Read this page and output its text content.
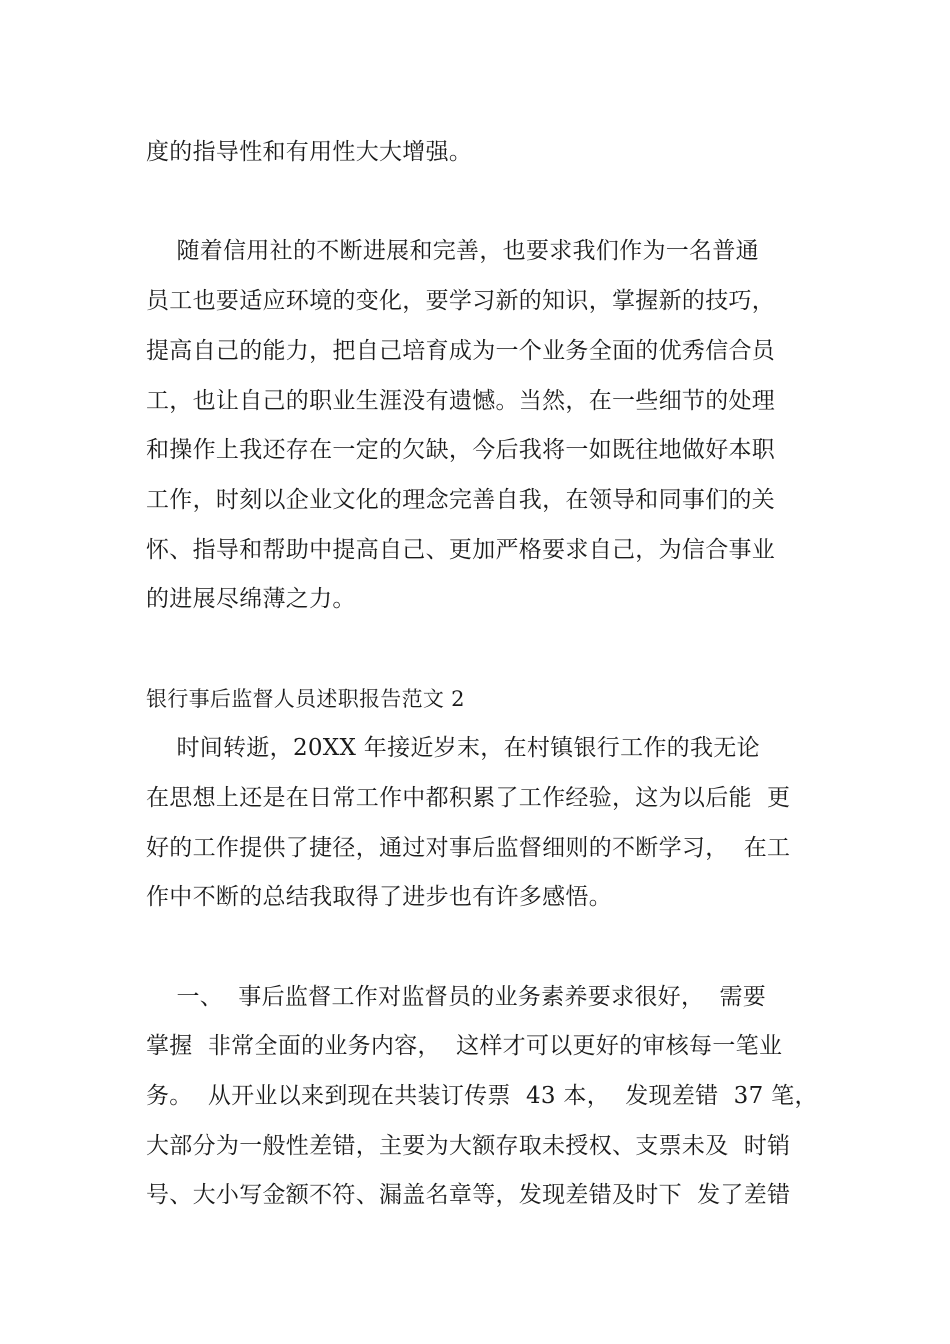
度的指导性和有用性大大增强。
随着信用社的不断进展和完善，也要求我们作为一名普通
员工也要适应环境的变化，要学习新的知识，掌握新的技巧，
提高自己的能力，把自己培育成为一个业务全面的优秀信合员
工，也让自己的职业生涯没有遗憾。当然，在一些细节的处理
和操作上我还存在一定的欠缺，今后我将一如既往地做好本职
工作，时刻以企业文化的理念完善自我，在领导和同事们的关
怀、指导和帮助中提高自己、更加严格要求自己，为信合事业
的进展尽绵薄之力。
银行事后监督人员述职报告范文 2
时间转逝，20XX 年接近岁末，在村镇银行工作的我无论
在思想上还是在日常工作中都积累了工作经验，这为以后能  更
好的工作提供了捷径，通过对事后监督细则的不断学习，  在工
作中不断的总结我取得了进步也有许多感悟。
一、  事后监督工作对监督员的业务素养要求很好，  需要
掌握  非常全面的业务内容，  这样才可以更好的审核每一笔业
务。  从开业以来到现在共装订传票  43 本，  发现差错  37 笔，
大部分为一般性差错，主要为大额存取未授权、支票未及  时销
号、大小写金额不符、漏盖名章等，发现差错及时下  发了差错
